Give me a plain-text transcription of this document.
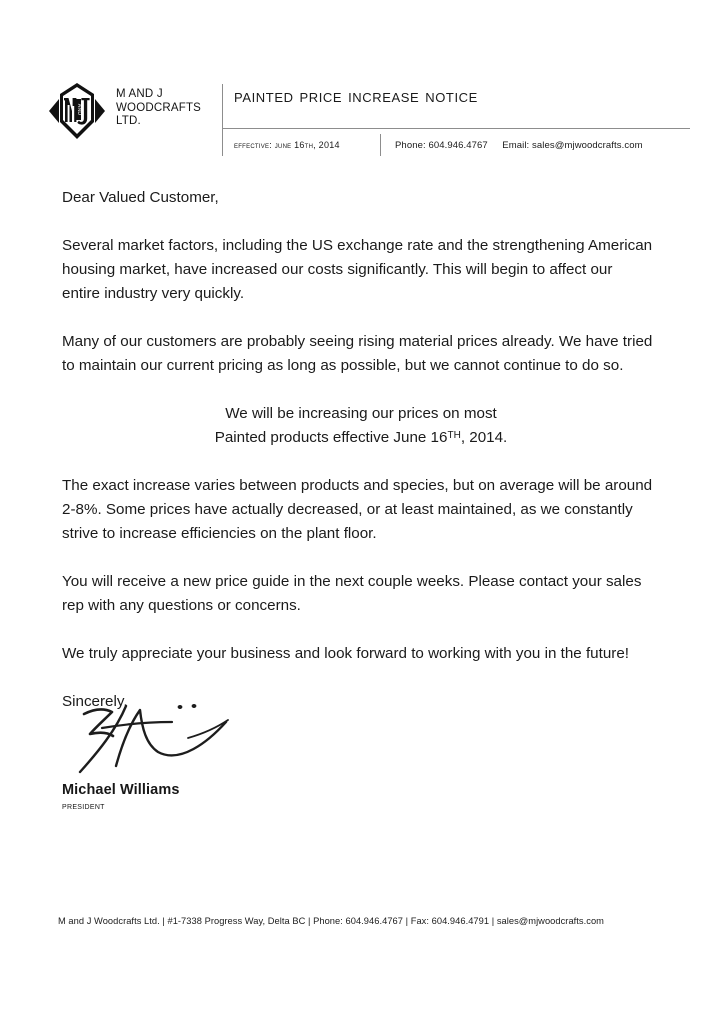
AND
M AND J
WOODCRAFTS
LTD.
painted price increase notice
effective: june 16th, 2014	Phone: 604.946.4767 Email: sales@mjwoodcrafts.com

Dear Valued Customer,

Several market factors, including the US exchange rate and the strengthening American housing market, have increased our costs significantly. This will begin to affect our entire industry very quickly.

Many of our customers are probably seeing rising material prices already. We have tried to maintain our current pricing as long as possible, but we cannot continue to do so.

We will be increasing our prices on most
Painted products effective June 16TH, 2014.

The exact increase varies between products and species, but on average will be around 2-8%. Some prices have actually decreased, or at least maintained, as we constantly strive to increase efficiencies on the plant floor.

You will receive a new price guide in the next couple weeks. Please contact your sales rep with any questions or concerns.

We truly appreciate your business and look forward to working with you in the future!

Sincerely,

Michael Williams
president
M and J Woodcrafts Ltd. | #1-7338 Progress Way, Delta BC | Phone: 604.946.4767 | Fax: 604.946.4791 | sales@mjwoodcrafts.com
